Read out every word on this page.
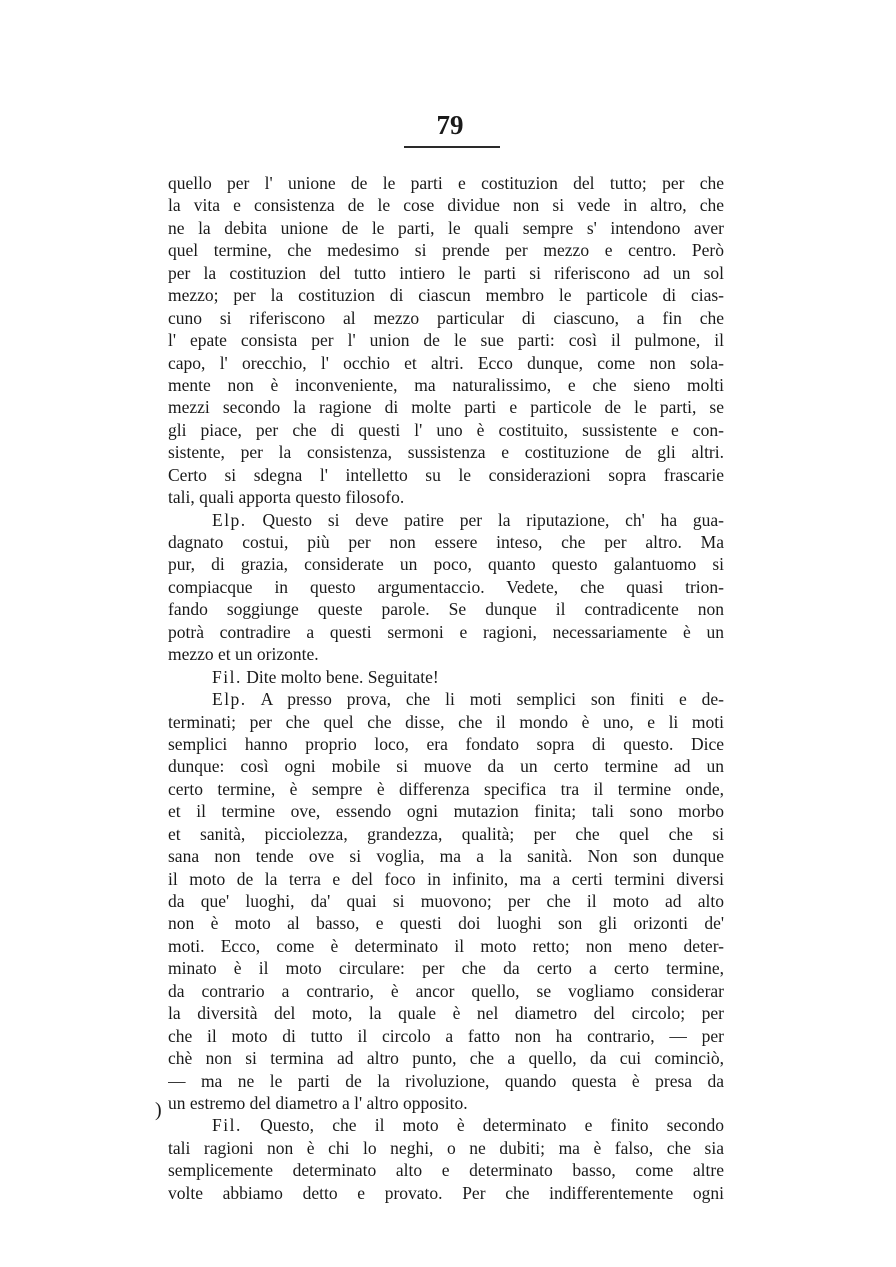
79
quello per l' unione de le parti e costituzion del tutto; per che
la vita e consistenza de le cose dividue non si vede in altro, che
ne la debita unione de le parti, le quali sempre s' intendono aver
quel termine, che medesimo si prende per mezzo e centro. Però
per la costituzion del tutto intiero le parti si riferiscono ad un sol
mezzo; per la costituzion di ciascun membro le particole di cias-
cuno si riferiscono al mezzo particular di ciascuno, a fin che
l' epate consista per l' union de le sue parti: così il pulmone, il
capo, l' orecchio, l' occhio et altri. Ecco dunque, come non sola-
mente non è inconveniente, ma naturalissimo, e che sieno molti
mezzi secondo la ragione di molte parti e particole de le parti, se
gli piace, per che di questi l' uno è costituito, sussistente e con-
sistente, per la consistenza, sussistenza e costituzione de gli altri.
Certo si sdegna l' intelletto su le considerazioni sopra frascarie
tali, quali apporta questo filosofo.
Elp. Questo si deve patire per la riputazione, ch' ha gua-
dagnato costui, più per non essere inteso, che per altro. Ma
pur, di grazia, considerate un poco, quanto questo galantuomo si
compiacque in questo argumentaccio. Vedete, che quasi trion-
fando soggiunge queste parole. Se dunque il contradicente non
potrà contradire a questi sermoni e ragioni, necessariamente è un
mezzo et un orizonte.
Fil. Dite molto bene. Seguitate!
Elp. A presso prova, che li moti semplici son finiti e de-
terminati; per che quel che disse, che il mondo è uno, e li moti
semplici hanno proprio loco, era fondato sopra di questo. Dice
dunque: così ogni mobile si muove da un certo termine ad un
certo termine, è sempre è differenza specifica tra il termine onde,
et il termine ove, essendo ogni mutazion finita; tali sono morbo
et sanità, picciolezza, grandezza, qualità; per che quel che si
sana non tende ove si voglia, ma a la sanità. Non son dunque
il moto de la terra e del foco in infinito, ma a certi termini diversi
da que' luoghi, da' quai si muovono; per che il moto ad alto
non è moto al basso, e questi doi luoghi son gli orizonti de'
moti. Ecco, come è determinato il moto retto; non meno deter-
minato è il moto circulare: per che da certo a certo termine,
da contrario a contrario, è ancor quello, se vogliamo considerar
la diversità del moto, la quale è nel diametro del circolo; per
che il moto di tutto il circolo a fatto non ha contrario, — per
chè non si termina ad altro punto, che a quello, da cui cominciò,
— ma ne le parti de la rivoluzione, quando questa è presa da
un estremo del diametro a l' altro opposito.
Fil. Questo, che il moto è determinato e finito secondo
tali ragioni non è chi lo neghi, o ne dubiti; ma è falso, che sia
semplicemente determinato alto e determinato basso, come altre
volte abbiamo detto e provato. Per che indifferentemente ogni
)
